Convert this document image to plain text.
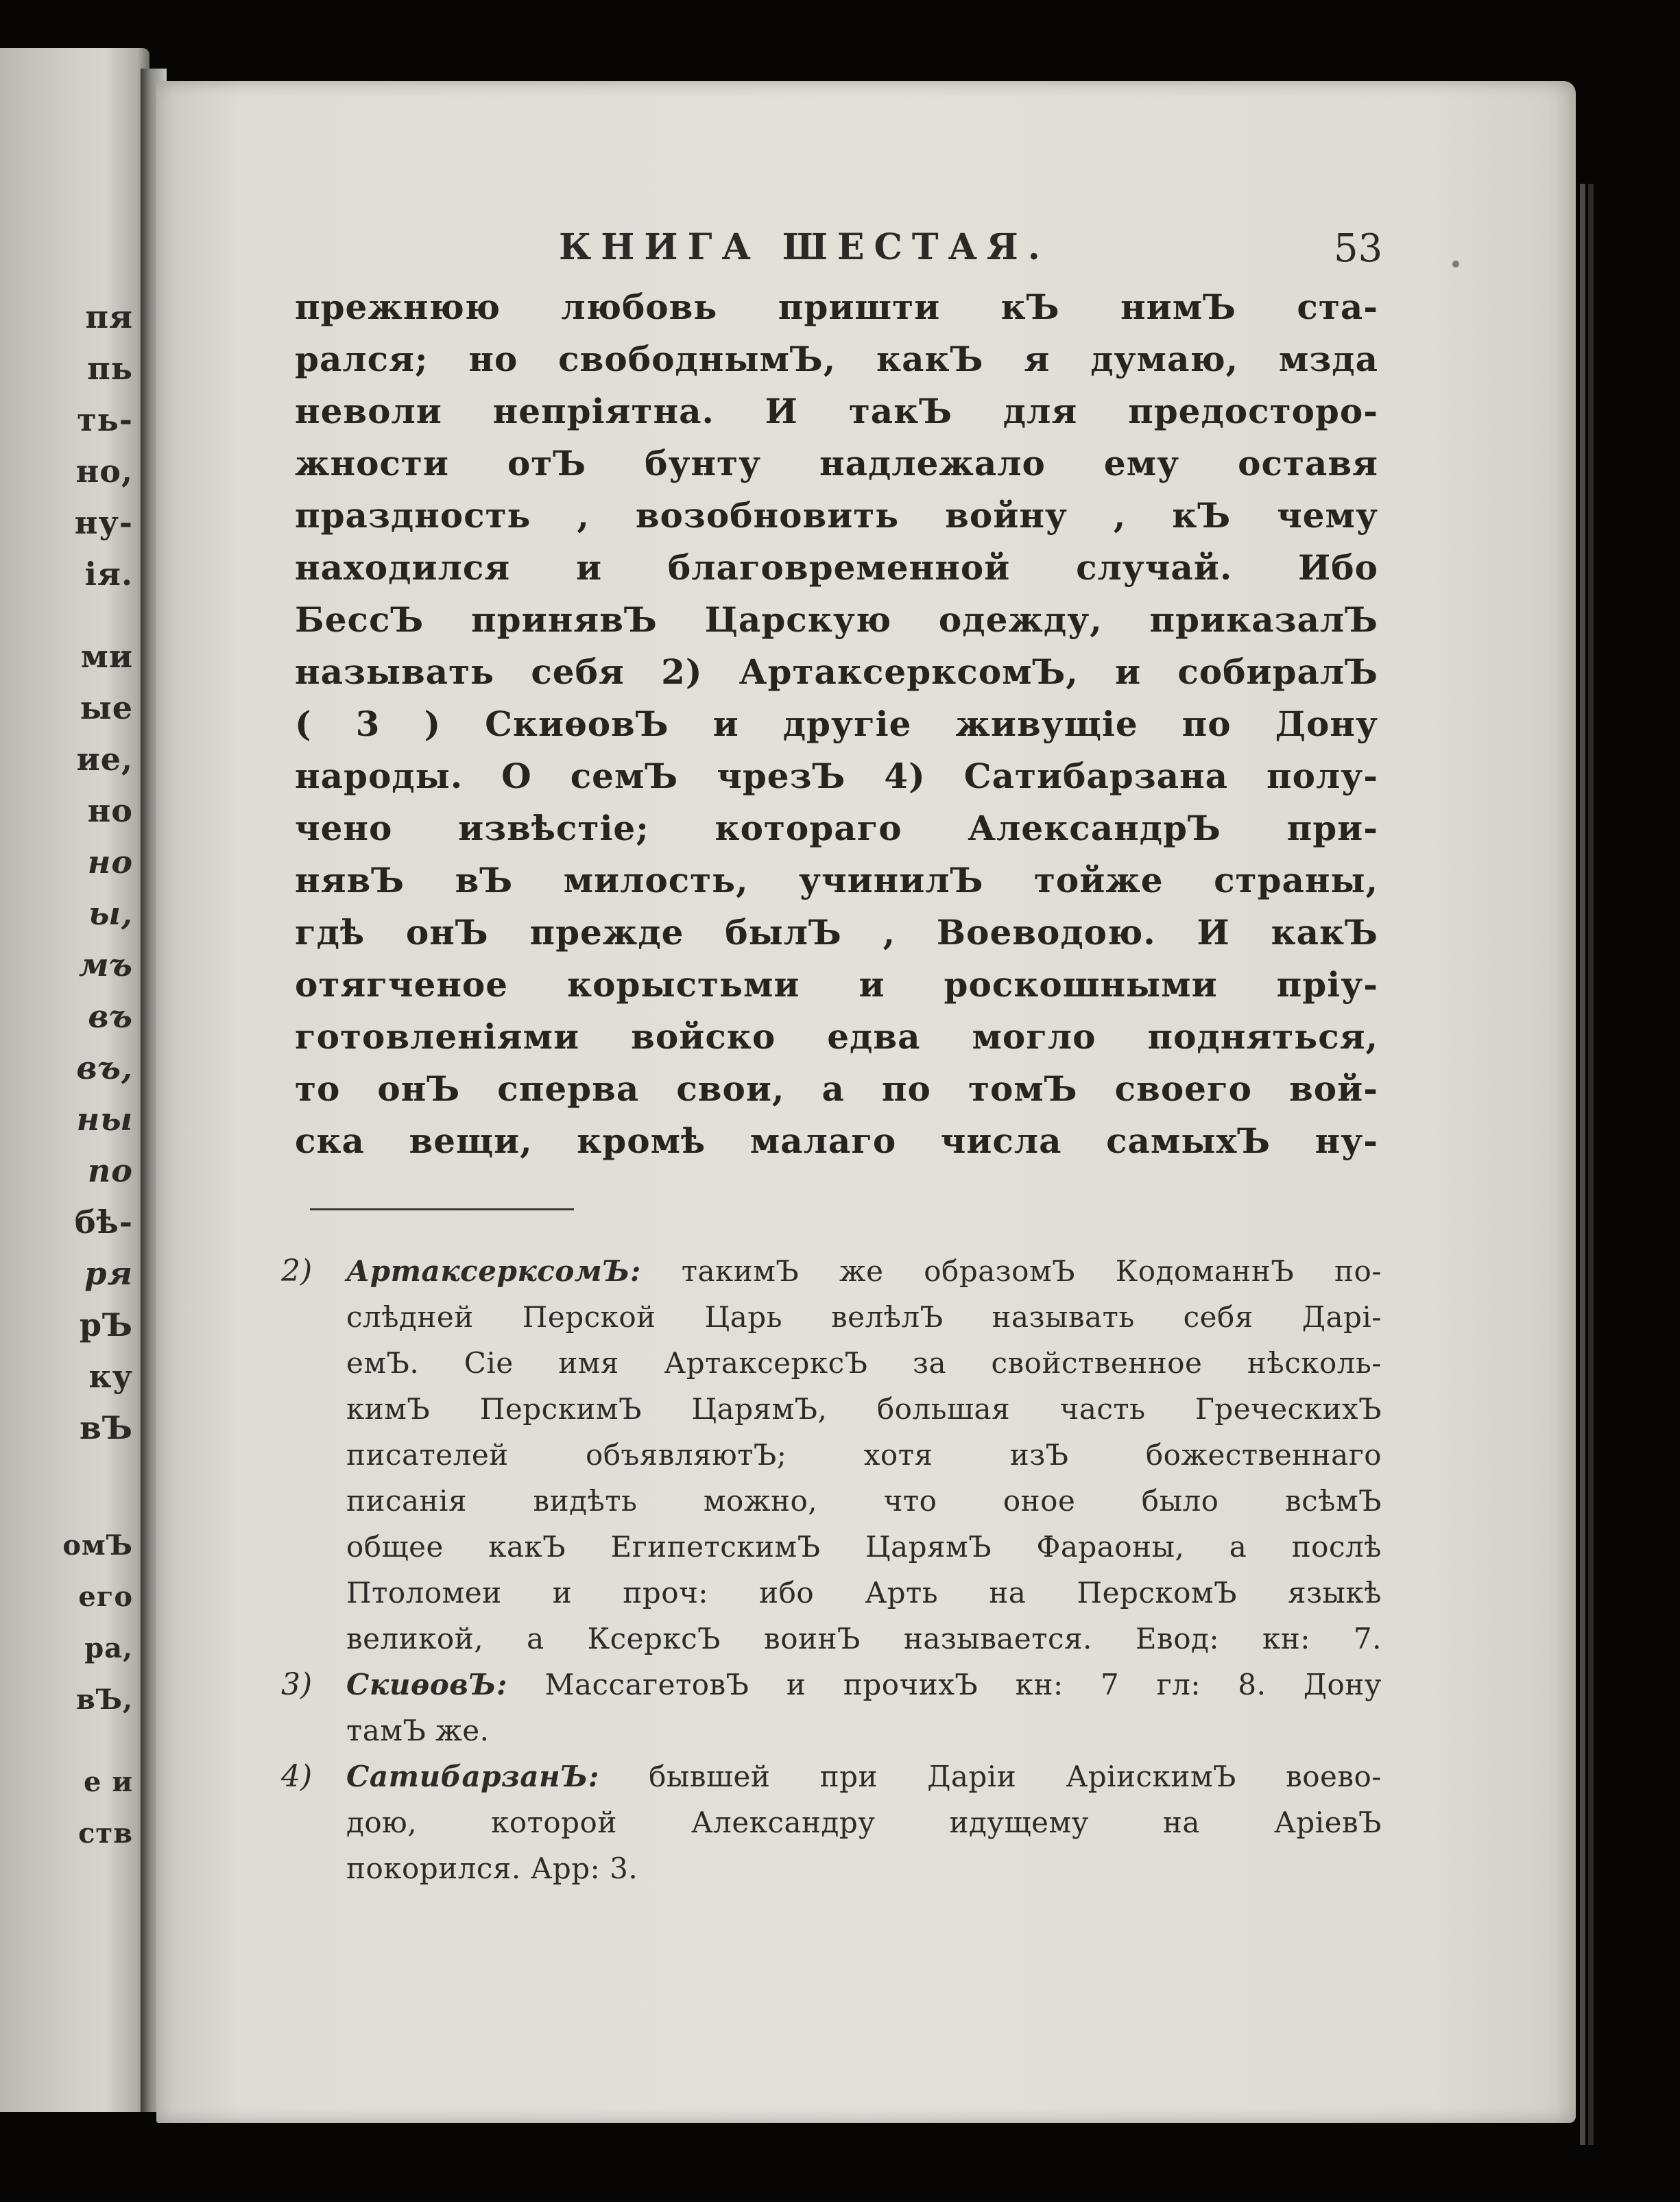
пя
пь
ть-
но,
ну-
ія.
ми
ые
ие,
но
но
ы,
мъ
въ
въ,
ны
по
бѣ-
ря
рЪ
ку
вЪ
омЪ
его
ра,
вЪ,
е и
ств
КНИГА ШЕСТАЯ.	53
прежнюю любовь пришти кЪ нимЪ ста-
рался; но свободнымЪ, какЪ я думаю, мзда
неволи непріятна. И такЪ для предосторо-
жности отЪ бунту надлежало ему оставя
праздность , возобновить войну , кЪ чему
находился и благовременной случай. Ибо
БессЪ принявЪ Царскую одежду, приказалЪ
называть себя 2) АртаксерксомЪ, и собиралЪ
( 3 ) СкиѳовЪ и другіе живущіе по Дону
народы. О семЪ чрезЪ 4) Сатибарзана полу-
чено извѣстіе; котораго АлександрЪ при-
нявЪ вЪ милость, учинилЪ тойже страны,
гдѣ онЪ прежде былЪ , Воеводою. И какЪ
отягченое корыстьми и роскошными пріу-
готовленіями войско едва могло подняться,
то онЪ сперва свои, а по томЪ своего вой-
ска вещи, кромѣ малаго числа самыхЪ ну-
2)	АртаксерксомЪ: такимЪ же образомЪ КодоманнЪ по-
слѣдней Перской Царь велѣлЪ называть себя Дарі-
емЪ. Сіе имя АртаксерксЪ за свойственное нѣсколь-
кимЪ ПерскимЪ ЦарямЪ, большая часть ГреческихЪ
писателей объявляютЪ; хотя изЪ божественнаго
писанія видѣть можно, что оное было всѣмЪ
общее какЪ ЕгипетскимЪ ЦарямЪ Фараоны, а послѣ
Птоломеи и проч: ибо Арть на ПерскомЪ языкѣ
великой, а КсерксЪ воинЪ называется. Евод: кн: 7.
3)	СкиѳовЪ: МассагетовЪ и прочихЪ кн: 7 гл: 8. Дону
тамЪ же.
4)	СатибарзанЪ: бывшей при Даріи АріискимЪ воево-
дою, которой Александру идущему на АріевЪ
покорился. Арр: 3.
